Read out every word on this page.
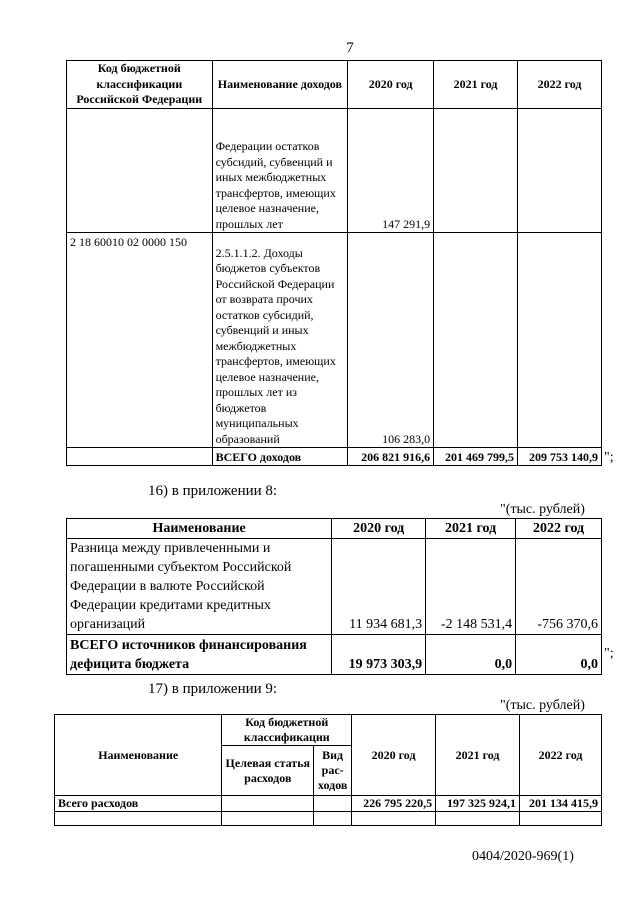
7
Код бюджетной классификации Российской Федерации	Наименование доходов	2020 год	2021 год	2022 год
	Федерации остатков субсидий, субвенций и иных межбюджетных трансфертов, имеющих целевое назначение, прошлых лет	147 291,9		
2 18 60010 02 0000 150	2.5.1.1.2. Доходы бюджетов субъектов Российской Федерации от возврата прочих остатков субсидий, субвенций и иных межбюджетных трансфертов, имеющих целевое назначение, прошлых лет из бюджетов муниципальных образований	106 283,0		
	ВСЕГО доходов	206 821 916,6	201 469 799,5	209 753 140,9 ";
16) в приложении 8:
"(тыс. рублей)
Наименование	2020 год	2021 год	2022 год
Разница между привлеченными и погашенными субъектом Российской Федерации в валюте Российской Федерации кредитами кредитных организаций	11 934 681,3	-2 148 531,4	-756 370,6
ВСЕГО источников финансирования дефицита бюджета	19 973 303,9	0,0	0,0
";
17) в приложении 9:
"(тыс. рублей)
Наименование	Код бюджетной классификации		2020 год	2021 год	2022 год
	Целевая статья расходов	Вид рас-ходов			
Всего расходов			226 795 220,5	197 325 924,1	201 134 415,9

0404/2020-969(1)
